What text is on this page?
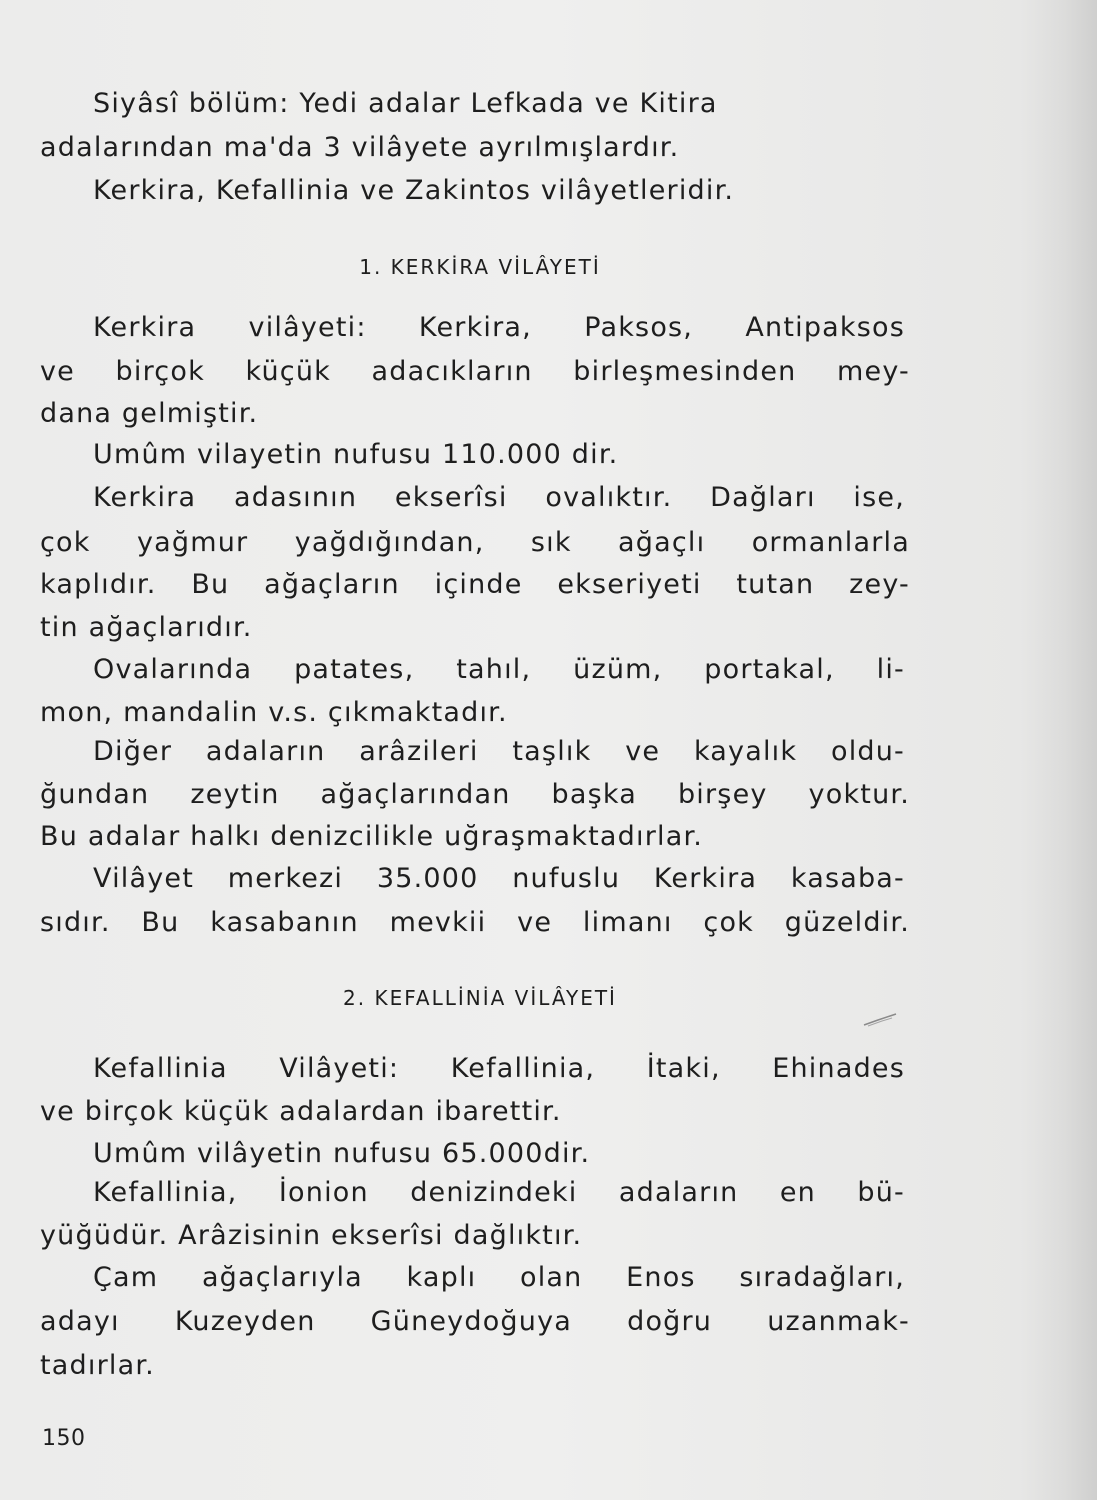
Siyâsî bölüm: Yedi adalar Lefkada ve Kitira
adalarından ma'da 3 vilâyete ayrılmışlardır.
Kerkira, Kefallinia ve Zakintos vilâyetleridir.
1. KERKİRA VİLÂYETİ
Kerkira vilâyeti: Kerkira, Paksos, Antipaksos
ve birçok küçük adacıkların birleşmesinden mey-
dana gelmiştir.
Umûm vilayetin nufusu 110.000 dir.
Kerkira adasının ekserîsi ovalıktır. Dağları ise,
çok yağmur yağdığından, sık ağaçlı ormanlarla
kaplıdır. Bu ağaçların içinde ekseriyeti tutan zey-
tin ağaçlarıdır.
Ovalarında patates, tahıl, üzüm, portakal, li-
mon, mandalin v.s. çıkmaktadır.
Diğer adaların arâzileri taşlık ve kayalık oldu-
ğundan zeytin ağaçlarından başka birşey yoktur.
Bu adalar halkı denizcilikle uğraşmaktadırlar.
Vilâyet merkezi 35.000 nufuslu Kerkira kasaba-
sıdır. Bu kasabanın mevkii ve limanı çok güzeldir.
2. KEFALLİNİA VİLÂYETİ
Kefallinia Vilâyeti: Kefallinia, İtaki, Ehinades
ve birçok küçük adalardan ibarettir.
Umûm vilâyetin nufusu 65.000dir.
Kefallinia, İonion denizindeki adaların en bü-
yüğüdür. Arâzisinin ekserîsi dağlıktır.
Çam ağaçlarıyla kaplı olan Enos sıradağları,
adayı Kuzeyden Güneydoğuya doğru uzanmak-
tadırlar.
150
